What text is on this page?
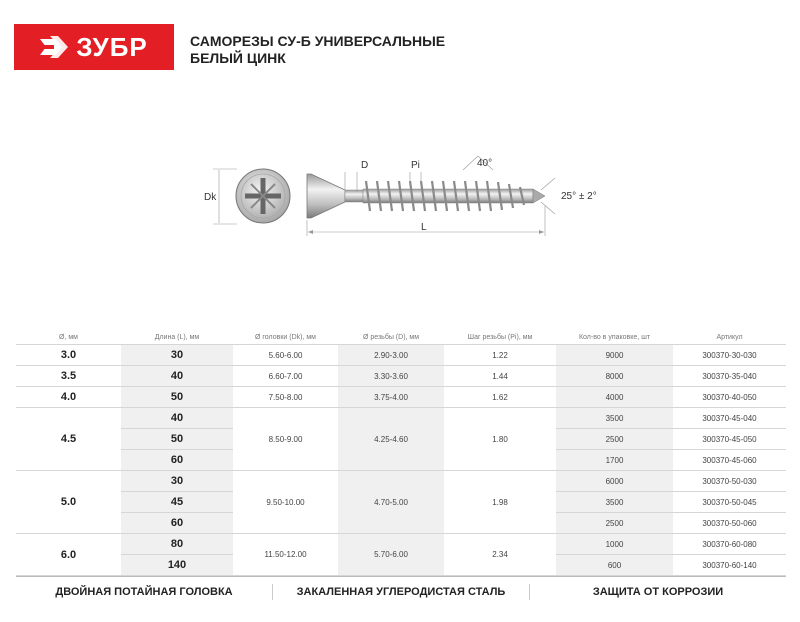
ЗУБР	САМОРЕЗЫ СУ-Б УНИВЕРСАЛЬНЫЕ
БЕЛЫЙ ЦИНК
Dk
D	Pi	40°
25° ± 2°
L
Ø, мм	Длина (L), мм	Ø головки (Dk), мм	Ø резьбы (D), мм	Шаг резьбы (Pi), мм	Кол-во в упаковке, шт	Артикул
3.0	30	5.60-6.00	2.90-3.00	1.22	9000	300370-30-030
3.5	40	6.60-7.00	3.30-3.60	1.44	8000	300370-35-040
4.0	50	7.50-8.00	3.75-4.00	1.62	4000	300370-40-050
4.5	40	8.50-9.00	4.25-4.60	1.80	3500	300370-45-040
	50				2500	300370-45-050
	60				1700	300370-45-060
5.0	30	9.50-10.00	4.70-5.00	1.98	6000	300370-50-030
	45				3500	300370-50-045
	60				2500	300370-50-060
6.0	80	11.50-12.00	5.70-6.00	2.34	1000	300370-60-080
	140				600	300370-60-140
ДВОЙНАЯ ПОТАЙНАЯ ГОЛОВКА	ЗАКАЛЕННАЯ УГЛЕРОДИСТАЯ СТАЛЬ	ЗАЩИТА ОТ КОРРОЗИИ
